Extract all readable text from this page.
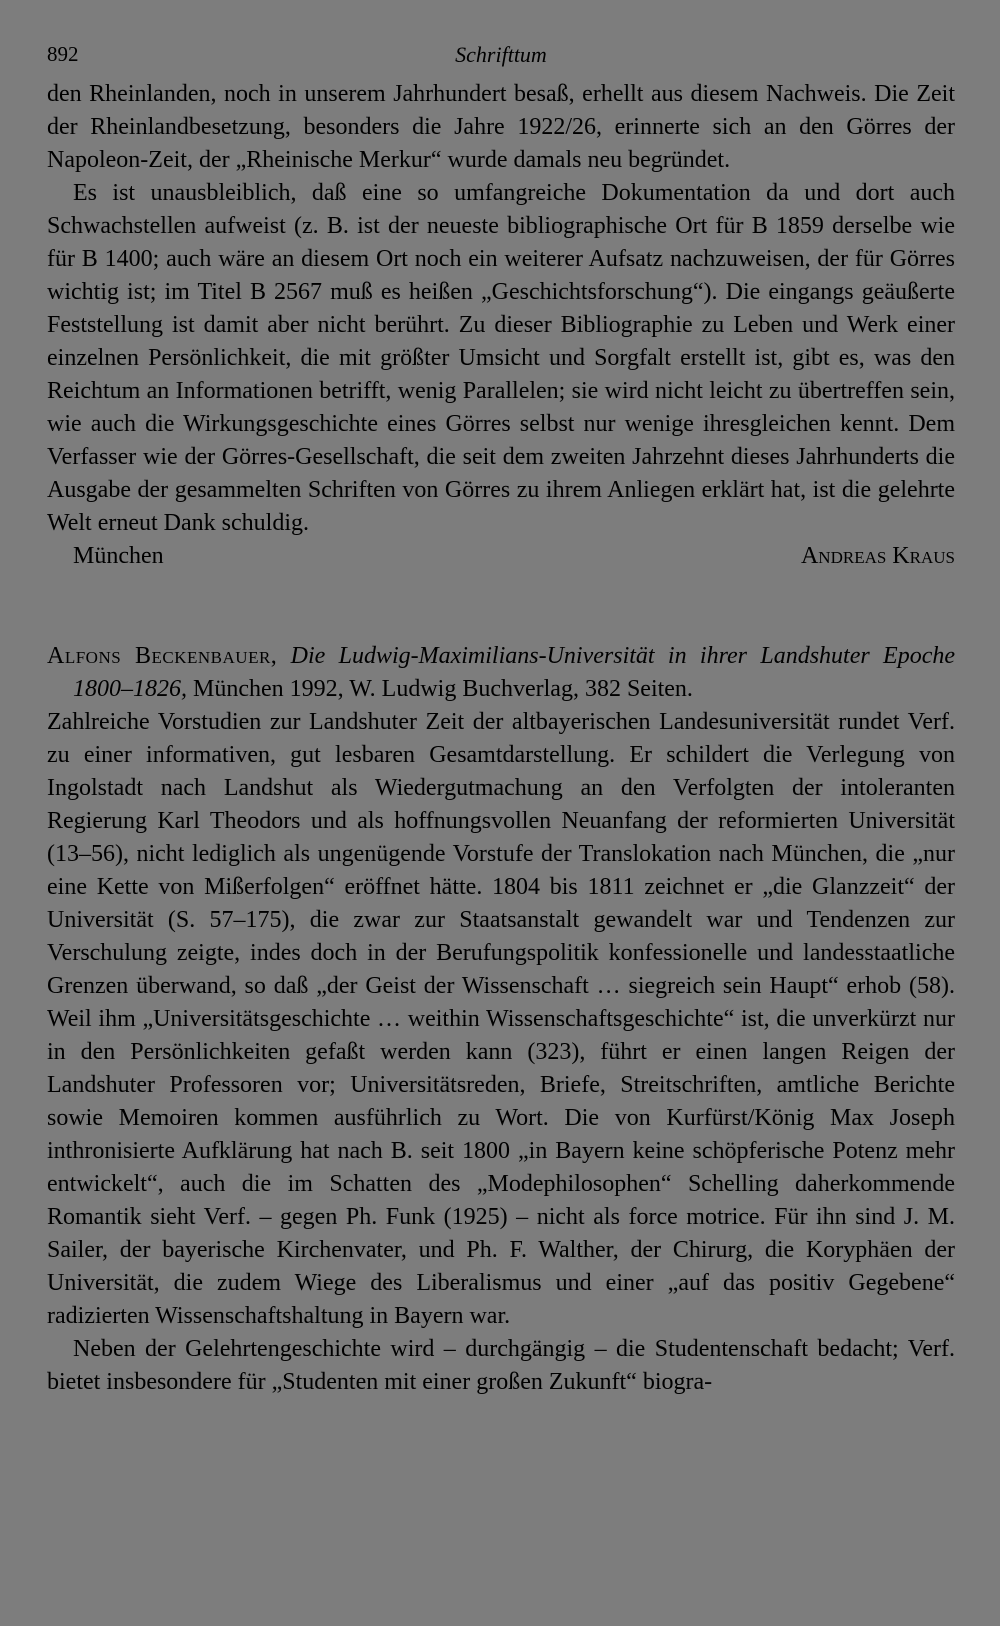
892	Schrifttum

den Rheinlanden, noch in unserem Jahrhundert besaß, erhellt aus diesem Nachweis. Die Zeit der Rheinlandbesetzung, besonders die Jahre 1922/26, erinnerte sich an den Görres der Napoleon-Zeit, der „Rheinische Merkur“ wurde damals neu begründet.

Es ist unausbleiblich, daß eine so umfangreiche Dokumentation da und dort auch Schwachstellen aufweist (z. B. ist der neueste bibliographische Ort für B 1859 derselbe wie für B 1400; auch wäre an diesem Ort noch ein weiterer Aufsatz nachzuweisen, der für Görres wichtig ist; im Titel B 2567 muß es heißen „Geschichtsforschung“). Die eingangs geäußerte Feststellung ist damit aber nicht berührt. Zu dieser Bibliographie zu Leben und Werk einer einzelnen Persönlichkeit, die mit größter Umsicht und Sorgfalt erstellt ist, gibt es, was den Reichtum an Informationen betrifft, wenig Parallelen; sie wird nicht leicht zu übertreffen sein, wie auch die Wirkungsgeschichte eines Görres selbst nur wenige ihresgleichen kennt. Dem Verfasser wie der Görres-Gesellschaft, die seit dem zweiten Jahrzehnt dieses Jahrhunderts die Ausgabe der gesammelten Schriften von Görres zu ihrem Anliegen erklärt hat, ist die gelehrte Welt erneut Dank schuldig.

München	Andreas Kraus
Alfons Beckenbauer, Die Ludwig-Maximilians-Universität in ihrer Landshuter Epoche 1800–1826, München 1992, W. Ludwig Buchverlag, 382 Seiten.

Zahlreiche Vorstudien zur Landshuter Zeit der altbayerischen Landesuniversität rundet Verf. zu einer informativen, gut lesbaren Gesamtdarstellung. Er schildert die Verlegung von Ingolstadt nach Landshut als Wiedergutmachung an den Verfolgten der intoleranten Regierung Karl Theodors und als hoffnungsvollen Neuanfang der reformierten Universität (13–56), nicht lediglich als ungenügende Vorstufe der Translokation nach München, die „nur eine Kette von Mißerfolgen“ eröffnet hätte. 1804 bis 1811 zeichnet er „die Glanzzeit“ der Universität (S. 57–175), die zwar zur Staatsanstalt gewandelt war und Tendenzen zur Verschulung zeigte, indes doch in der Berufungspolitik konfessionelle und landesstaatliche Grenzen überwand, so daß „der Geist der Wissenschaft … siegreich sein Haupt“ erhob (58). Weil ihm „Universitätsgeschichte … weithin Wissenschaftsgeschichte“ ist, die unverkürzt nur in den Persönlichkeiten gefaßt werden kann (323), führt er einen langen Reigen der Landshuter Professoren vor; Universitätsreden, Briefe, Streitschriften, amtliche Berichte sowie Memoiren kommen ausführlich zu Wort. Die von Kurfürst/König Max Joseph inthronisierte Aufklärung hat nach B. seit 1800 „in Bayern keine schöpferische Potenz mehr entwickelt“, auch die im Schatten des „Modephilosophen“ Schelling daherkommende Romantik sieht Verf. – gegen Ph. Funk (1925) – nicht als force motrice. Für ihn sind J. M. Sailer, der bayerische Kirchenvater, und Ph. F. Walther, der Chirurg, die Koryphäen der Universität, die zudem Wiege des Liberalismus und einer „auf das positiv Gegebene“ radizierten Wissenschaftshaltung in Bayern war.

Neben der Gelehrtengeschichte wird – durchgängig – die Studentenschaft bedacht; Verf. bietet insbesondere für „Studenten mit einer großen Zukunft“ biogra-
